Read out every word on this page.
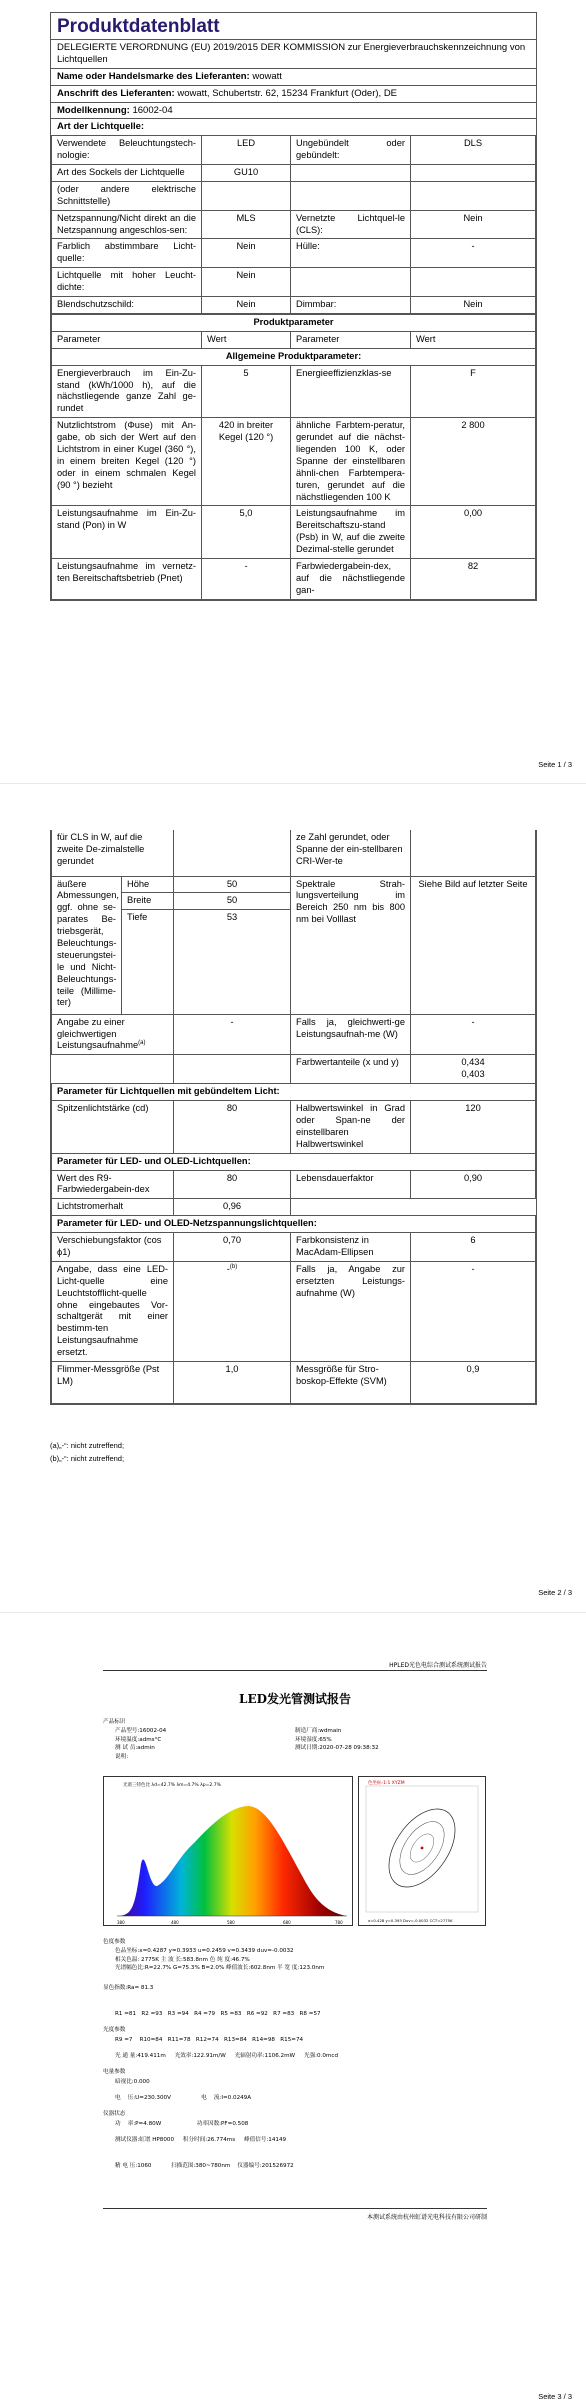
Produktdatenblatt
DELEGIERTE VERORDNUNG (EU) 2019/2015 DER KOMMISSION zur Energieverbrauchskennzeichnung von Lichtquellen
Name oder Handelsmarke des Lieferanten: wowatt
Anschrift des Lieferanten: wowatt, Schubertstr. 62, 15234 Frankfurt (Oder), DE
Modellkennung: 16002-04
Art der Lichtquelle:
Verwendete Beleuchtungstech-nologie:	LED	Ungebündelt oder gebündelt:	DLS
Art des Sockels der Lichtquelle	GU10		
(oder andere elektrische Schnittstelle)			
Netzspannung/Nicht direkt an die Netzspannung angeschlos-sen:	MLS	Vernetzte Lichtquel-le (CLS):	Nein
Farblich abstimmbare Licht-quelle:	Nein	Hülle:	-
Lichtquelle mit hoher Leucht-dichte:	Nein		
Blendschutzschild:	Nein	Dimmbar:	Nein
Produktparameter			
Parameter	Wert	Parameter	Wert
Allgemeine Produktparameter:			
Energieverbrauch im Ein-Zu-stand (kWh/1000 h), auf die nächstliegende ganze Zahl ge-rundet	5	Energieeffizienzklas-se	F
Nutzlichtstrom (Φuse) mit An-gabe, ob sich der Wert auf den Lichtstrom in einer Kugel (360 °), in einem breiten Kegel (120 °) oder in einem schmalen Kegel (90 °) bezieht	420 in breiter Kegel (120 °)	ähnliche Farbtem-peratur, gerundet auf die nächst-liegenden 100 K, oder Spanne der einstellbaren ähnli-chen Farbtempera-turen, gerundet auf die nächstliegenden 100 K	2 800
Leistungsaufnahme im Ein-Zu-stand (Pon) in W	5,0	Leistungsaufnahme im Bereitschaftszu-stand (Psb) in W, auf die zweite Dezimal-stelle gerundet	0,00
Leistungsaufnahme im vernetz-ten Bereitschaftsbetrieb (Pnet)	-	Farbwiedergabein-dex, auf die nächstliegende gan-	82
Seite 1 / 3
für CLS in W, auf die zweite De-zimalstelle gerundet			ze Zahl gerundet, oder Spanne der ein-stellbaren CRI-Wer-te	
äußere Abmessungen, ggf. ohne se-parates Be-triebsgerät, Beleuchtungs-steuerungstei-le und Nicht-Beleuchtungs-teile (Millime-ter)	Höhe	50	Spektrale Strah-lungsverteilung im Bereich 250 nm bis 800 nm bei Volllast	Siehe Bild auf letzter Seite
	Breite	50		
	Tiefe	53		

Angabe zu einer gleichwertigen Leistungsaufnahme$^{(a)}$		-	Falls ja, gleichwerti-ge Leistungsaufnah-me (W)	-
			Farbwertanteile (x und y)	0,434
0,403

Parameter für Lichtquellen mit gebündeltem Licht:				
Spitzenlichtstärke (cd)		80	Halbwertswinkel in Grad oder Span-ne der einstellbaren Halbwertswinkel	120
Parameter für LED- und OLED-Lichtquellen:				
Wert des R9-Farbwiedergabein-dex		80	Lebensdauerfaktor	0,90
Lichtstromerhalt		0,96		
Parameter für LED- und OLED-Netzspannungslichtquellen:				
Verschiebungsfaktor (cos ϕ1)		0,70	Farbkonsistenz in MacAdam-Ellipsen	6
Angabe, dass eine LED-Licht-quelle eine Leuchtstofflicht-quelle ohne eingebautes Vor-schaltgerät mit einer bestimm-ten Leistungsaufnahme ersetzt.		-$^{(b)}$	Falls ja, Angabe zur ersetzten Leistungs-aufnahme (W)	-
Flimmer-Messgröße (Pst LM)		1,0	Messgröße für Stro-boskop-Effekte (SVM)	0,9
(a)„-“: nicht zutreffend;
(b)„-“: nicht zutreffend;
Seite 2 / 3
HPLED光色电综合测试系统测试报告
LED发光管测试报告
产品标识
产品型号:16002-04	制造厂商:wdmain
环境温度:adms°C	环境湿度:65%
测 试 员:admin	测试日期:2020-07-28 09:38:32
说明:
光谱三特色比 λd=42.7% λm=4.7% λp=2.7%
380	480	580	680	780
色坐标-1:1 XYZM
x=0.428 y=0.393 Duv=-0.0032 CCT=2775K
色度参数
色品坐标:x=0.4287 y=0.3933 u=0.2459 v=0.3439 duv=-0.0032
相关色温: 2775K 主 波 长:583.8nm 色 纯 度:46.7%
光谱幅色比:R=22.7% G=75.3% B=2.0% 峰值波长:602.8nm 半 宽 度:123.0nm
显色指数:Ra= 81.3

R1 =81   R2 =93   R3 =94   R4 =79   R5 =83   R6 =92   R7 =83   R8 =57

R9 =7    R10=84   R11=78   R12=74   R13=84   R14=98   R15=74

光度参数

光 通 量:419.411m     光效率:122.91m/W     光辐射功率:1106.2mW     光强:0.0mcd

暗视比:0.000

电量参数

电    压:U=230.300V                 电    流:I=0.0249A

功    率:P=4.80W                    功率因数:PF=0.508

仪器状态

测试仪器:虹谱 HP8000     积分时间:26.774ms     峰值信号:14149

精 电 压:1060           扫描范围:380~780nm    仪器编号:201526972

本测试系统由杭州虹谱光电科技有限公司研制
Seite 3 / 3
